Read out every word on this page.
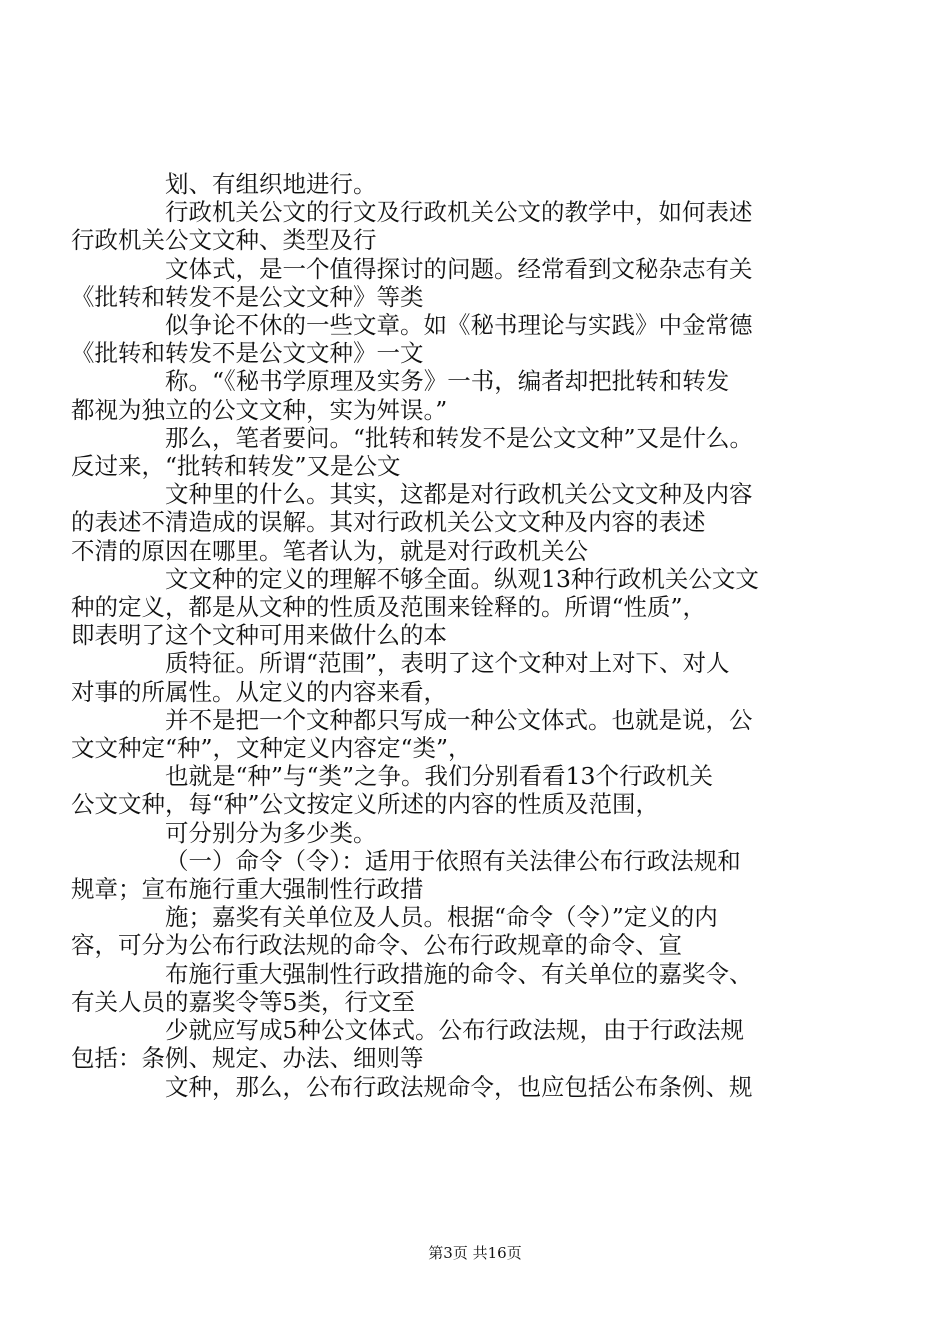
划、有组织地进行。

行政机关公文的行文及行政机关公文的教学中，如何表述
行政机关公文文种、类型及行

文体式，是一个值得探讨的问题。经常看到文秘杂志有关
《批转和转发不是公文文种》等类

似争论不休的一些文章。如《秘书理论与实践》中金常德
《批转和转发不是公文文种》一文

称。“《秘书学原理及实务》一书，编者却把批转和转发
都视为独立的公文文种，实为舛误。”

那么，笔者要问。“批转和转发不是公文文种”又是什么。
反过来，“批转和转发”又是公文

文种里的什么。其实，这都是对行政机关公文文种及内容
的表述不清造成的误解。其对行政机关公文文种及内容的表述
不清的原因在哪里。笔者认为，就是对行政机关公

文文种的定义的理解不够全面。纵观13种行政机关公文文
种的定义，都是从文种的性质及范围来铨释的。所谓“性质”，
即表明了这个文种可用来做什么的本

质特征。所谓“范围”，表明了这个文种对上对下、对人
对事的所属性。从定义的内容来看，

并不是把一个文种都只写成一种公文体式。也就是说，公
文文种定“种”，文种定义内容定“类”，

也就是“种”与“类”之争。我们分别看看13个行政机关
公文文种，每“种”公文按定义所述的内容的性质及范围，

可分别分为多少类。

（一）命令（令）：适用于依照有关法律公布行政法规和
规章；宣布施行重大强制性行政措

施；嘉奖有关单位及人员。根据“命令（令）”定义的内
容，可分为公布行政法规的命令、公布行政规章的命令、宣

布施行重大强制性行政措施的命令、有关单位的嘉奖令、
有关人员的嘉奖令等5类，行文至

少就应写成5种公文体式。公布行政法规，由于行政法规
包括：条例、规定、办法、细则等

文种，那么，公布行政法规命令，也应包括公布条例、规

第3页 共16页
